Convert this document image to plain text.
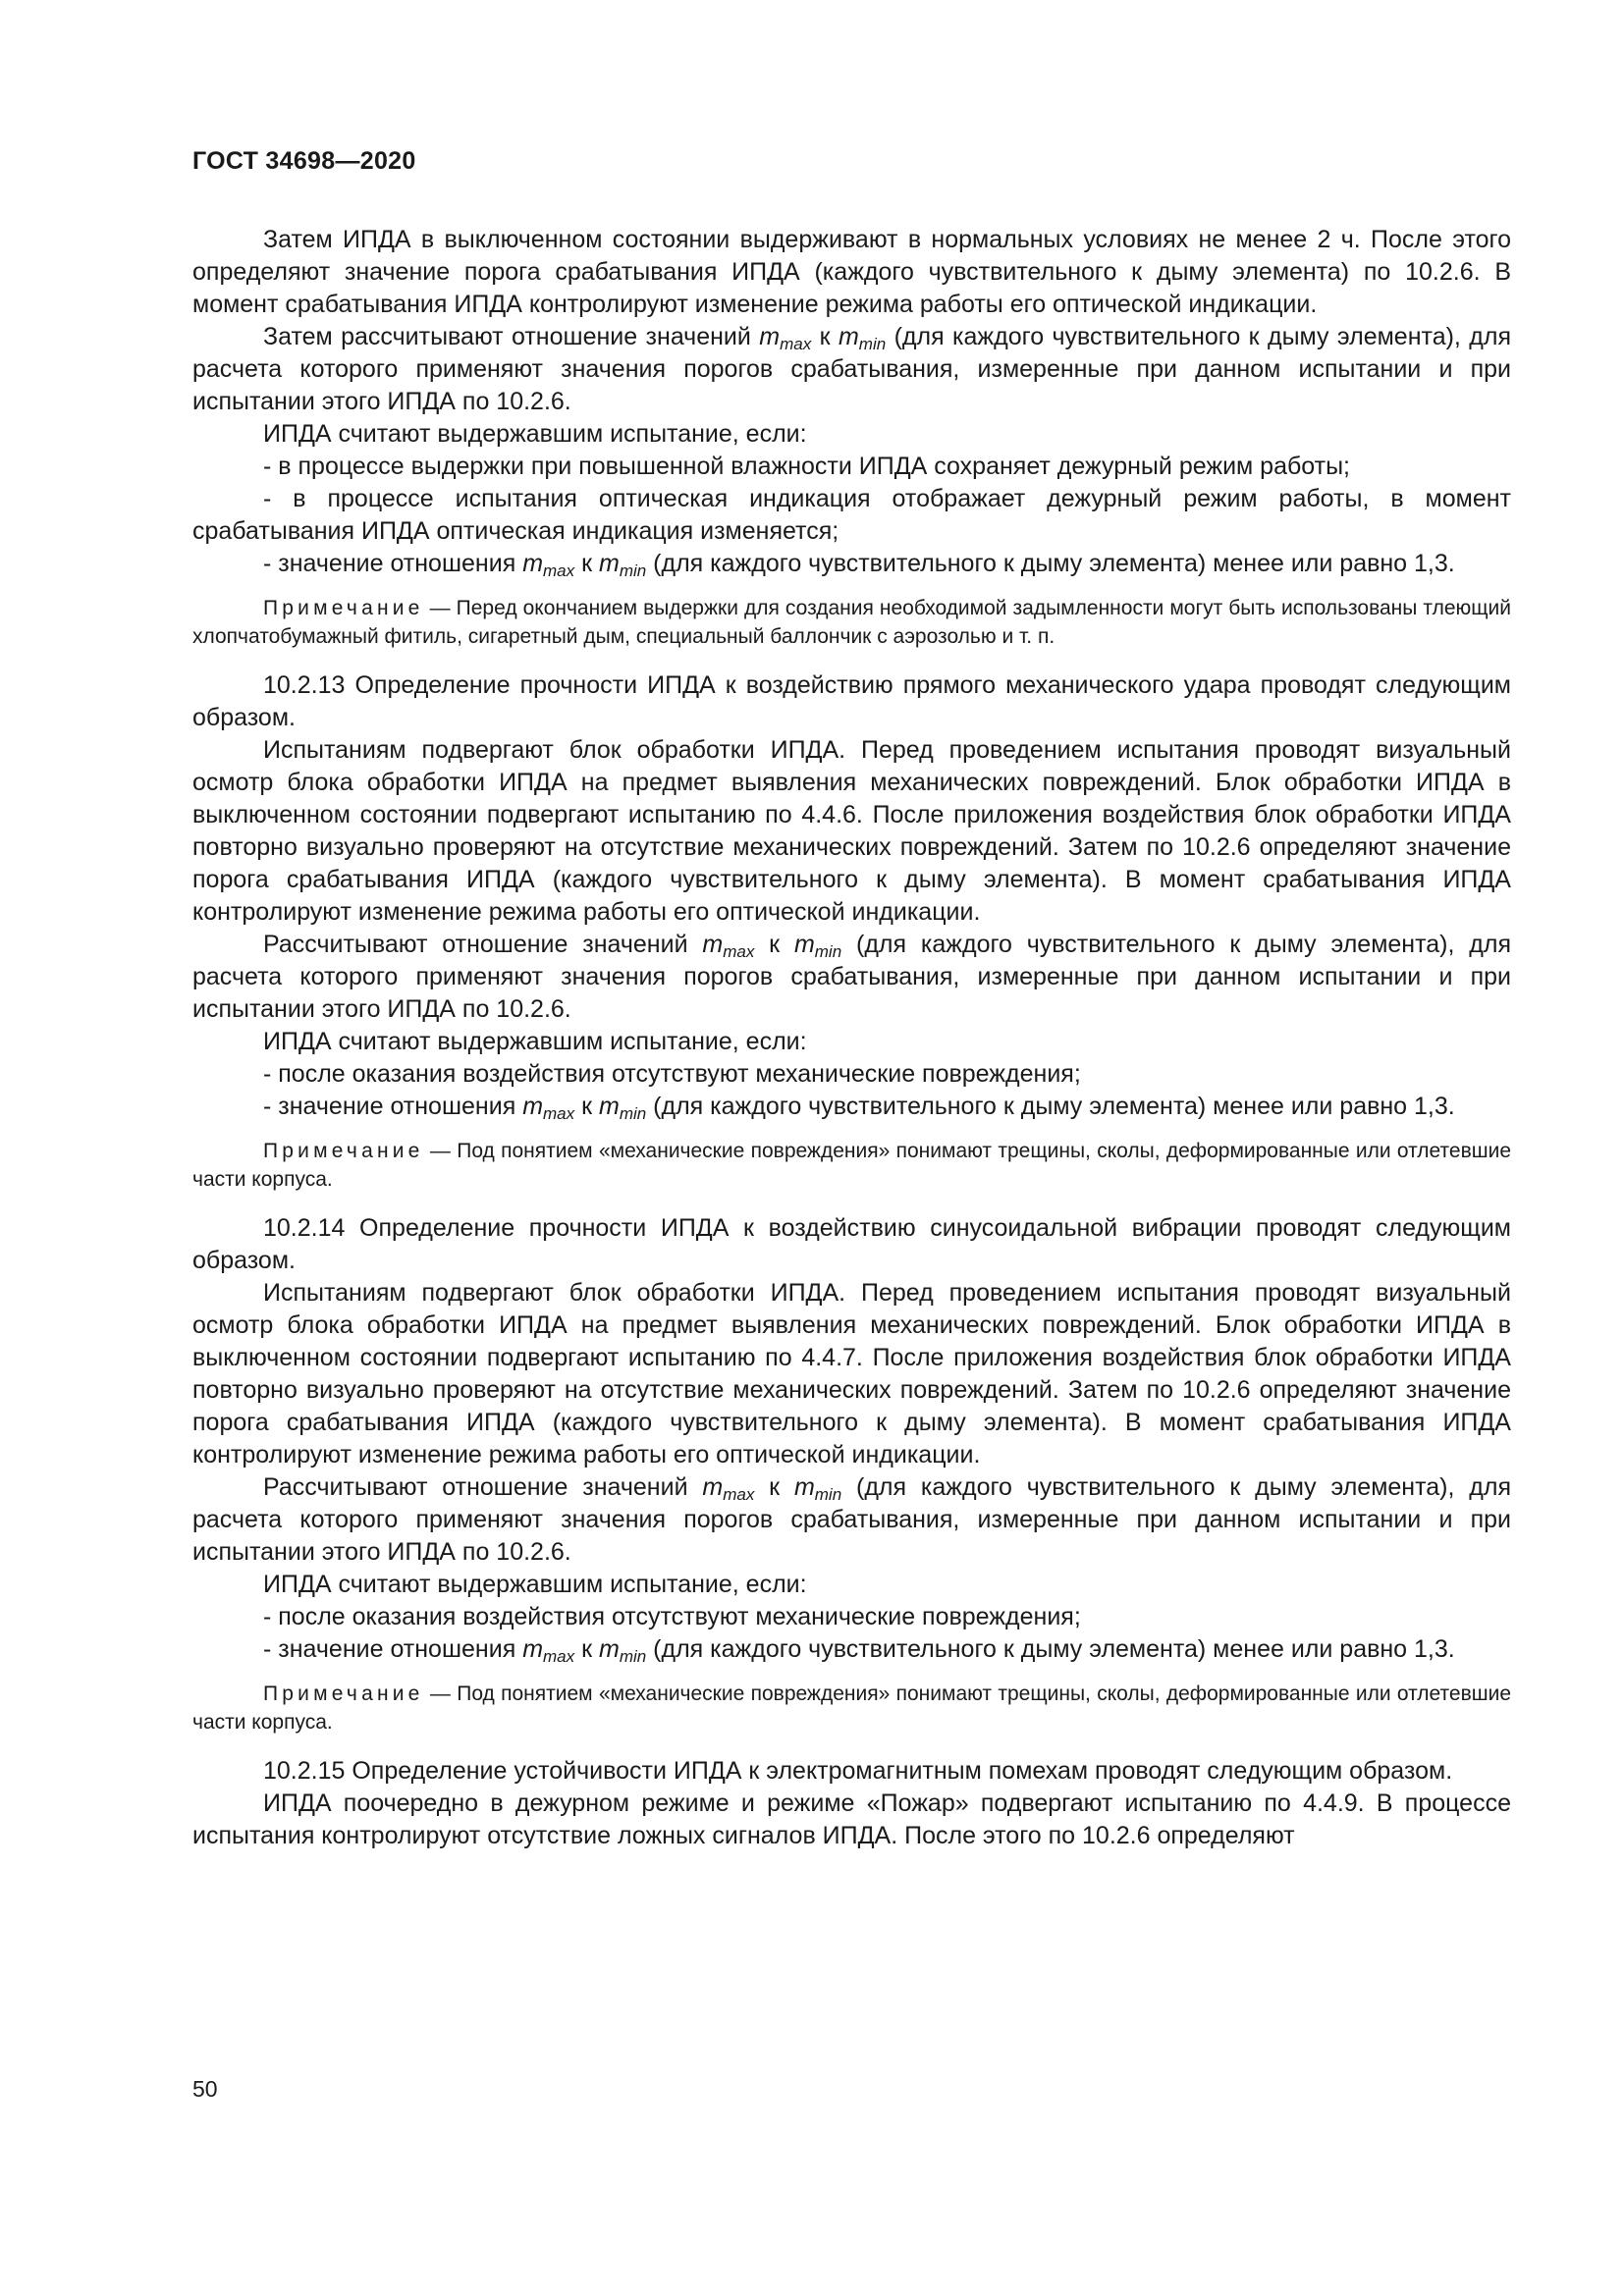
ГОСТ 34698—2020

Затем ИПДА в выключенном состоянии выдерживают в нормальных условиях не менее 2 ч. После этого определяют значение порога срабатывания ИПДА (каждого чувствительного к дыму элемента) по 10.2.6. В момент срабатывания ИПДА контролируют изменение режима работы его оптической индикации.

Затем рассчитывают отношение значений $m_{max}$ к $m_{min}$ (для каждого чувствительного к дыму элемента), для расчета которого применяют значения порогов срабатывания, измеренные при данном испытании и при испытании этого ИПДА по 10.2.6.

ИПДА считают выдержавшим испытание, если:

- в процессе выдержки при повышенной влажности ИПДА сохраняет дежурный режим работы;

- в процессе испытания оптическая индикация отображает дежурный режим работы, в момент срабатывания ИПДА оптическая индикация изменяется;

- значение отношения $m_{max}$ к $m_{min}$ (для каждого чувствительного к дыму элемента) менее или равно 1,3.

Примечание — Перед окончанием выдержки для создания необходимой задымленности могут быть использованы тлеющий хлопчатобумажный фитиль, сигаретный дым, специальный баллончик с аэрозолью и т. п.

10.2.13 Определение прочности ИПДА к воздействию прямого механического удара проводят следующим образом.

Испытаниям подвергают блок обработки ИПДА. Перед проведением испытания проводят визуальный осмотр блока обработки ИПДА на предмет выявления механических повреждений. Блок обработки ИПДА в выключенном состоянии подвергают испытанию по 4.4.6. После приложения воздействия блок обработки ИПДА повторно визуально проверяют на отсутствие механических повреждений. Затем по 10.2.6 определяют значение порога срабатывания ИПДА (каждого чувствительного к дыму элемента). В момент срабатывания ИПДА контролируют изменение режима работы его оптической индикации.

Рассчитывают отношение значений $m_{max}$ к $m_{min}$ (для каждого чувствительного к дыму элемента), для расчета которого применяют значения порогов срабатывания, измеренные при данном испытании и при испытании этого ИПДА по 10.2.6.

ИПДА считают выдержавшим испытание, если:

- после оказания воздействия отсутствуют механические повреждения;

- значение отношения $m_{max}$ к $m_{min}$ (для каждого чувствительного к дыму элемента) менее или равно 1,3.

Примечание — Под понятием «механические повреждения» понимают трещины, сколы, деформированные или отлетевшие части корпуса.

10.2.14 Определение прочности ИПДА к воздействию синусоидальной вибрации проводят следующим образом.

Испытаниям подвергают блок обработки ИПДА. Перед проведением испытания проводят визуальный осмотр блока обработки ИПДА на предмет выявления механических повреждений. Блок обработки ИПДА в выключенном состоянии подвергают испытанию по 4.4.7. После приложения воздействия блок обработки ИПДА повторно визуально проверяют на отсутствие механических повреждений. Затем по 10.2.6 определяют значение порога срабатывания ИПДА (каждого чувствительного к дыму элемента). В момент срабатывания ИПДА контролируют изменение режима работы его оптической индикации.

Рассчитывают отношение значений $m_{max}$ к $m_{min}$ (для каждого чувствительного к дыму элемента), для расчета которого применяют значения порогов срабатывания, измеренные при данном испытании и при испытании этого ИПДА по 10.2.6.

ИПДА считают выдержавшим испытание, если:

- после оказания воздействия отсутствуют механические повреждения;

- значение отношения $m_{max}$ к $m_{min}$ (для каждого чувствительного к дыму элемента) менее или равно 1,3.

Примечание — Под понятием «механические повреждения» понимают трещины, сколы, деформированные или отлетевшие части корпуса.

10.2.15 Определение устойчивости ИПДА к электромагнитным помехам проводят следующим образом.

ИПДА поочередно в дежурном режиме и режиме «Пожар» подвергают испытанию по 4.4.9. В процессе испытания контролируют отсутствие ложных сигналов ИПДА. После этого по 10.2.6 определяют

50
